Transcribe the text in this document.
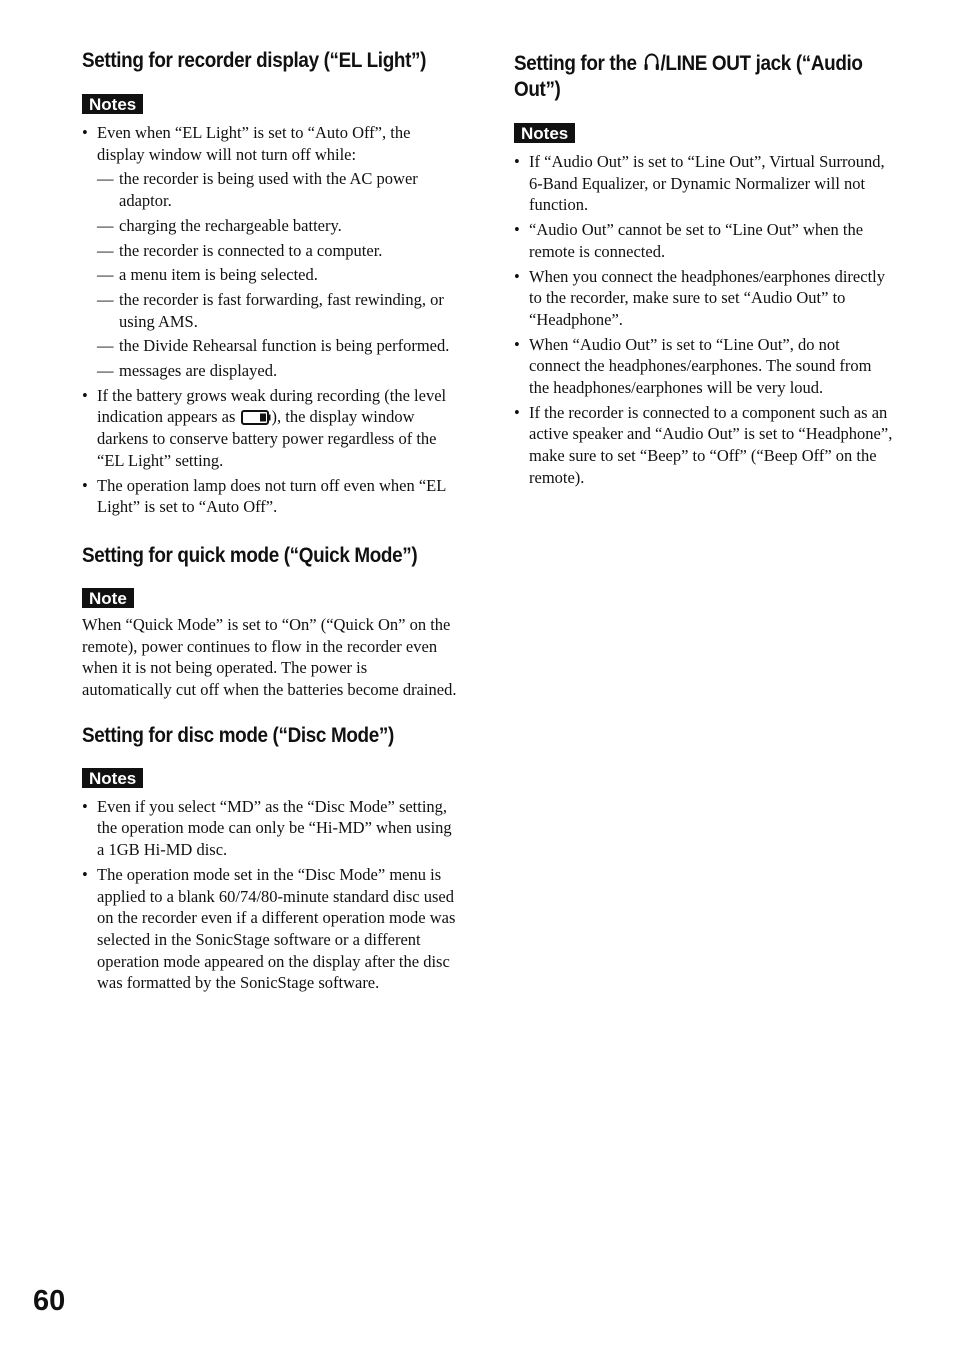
Setting for recorder display (“EL Light”)
Notes
• Even when “EL Light” is set to “Auto Off”, the display window will not turn off while:
— the recorder is being used with the AC power adaptor.
— charging the rechargeable battery.
— the recorder is connected to a computer.
— a menu item is being selected.
— the recorder is fast forwarding, fast rewinding, or using AMS.
— the Divide Rehearsal function is being performed.
— messages are displayed.
• If the battery grows weak during recording (the level indication appears as ), the display window darkens to conserve battery power regardless of the “EL Light” setting.
• The operation lamp does not turn off even when “EL Light” is set to “Auto Off”.
Setting for quick mode (“Quick Mode”)
Note

When “Quick Mode” is set to “On” (“Quick On” on the remote), power continues to flow in the recorder even when it is not being operated. The power is automatically cut off when the batteries become drained.

Setting for disc mode (“Disc Mode”)
Notes
• Even if you select “MD” as the “Disc Mode” setting, the operation mode can only be “Hi-MD” when using a 1GB Hi-MD disc.
• The operation mode set in the “Disc Mode” menu is applied to a blank 60/74/80-minute standard disc used on the recorder even if a different operation mode was selected in the SonicStage software or a different operation mode appeared on the display after the disc was formatted by the SonicStage software.
Setting for the /LINE OUT jack (“Audio Out”)
Notes
• If “Audio Out” is set to “Line Out”, Virtual Surround, 6-Band Equalizer, or Dynamic Normalizer will not function.
• “Audio Out” cannot be set to “Line Out” when the remote is connected.
• When you connect the headphones/earphones directly to the recorder, make sure to set “Audio Out” to “Headphone”.
• When “Audio Out” is set to “Line Out”, do not connect the headphones/earphones. The sound from the headphones/earphones will be very loud.
• If the recorder is connected to a component such as an active speaker and “Audio Out” is set to “Headphone”, make sure to set “Beep” to “Off” (“Beep Off” on the remote).
60
